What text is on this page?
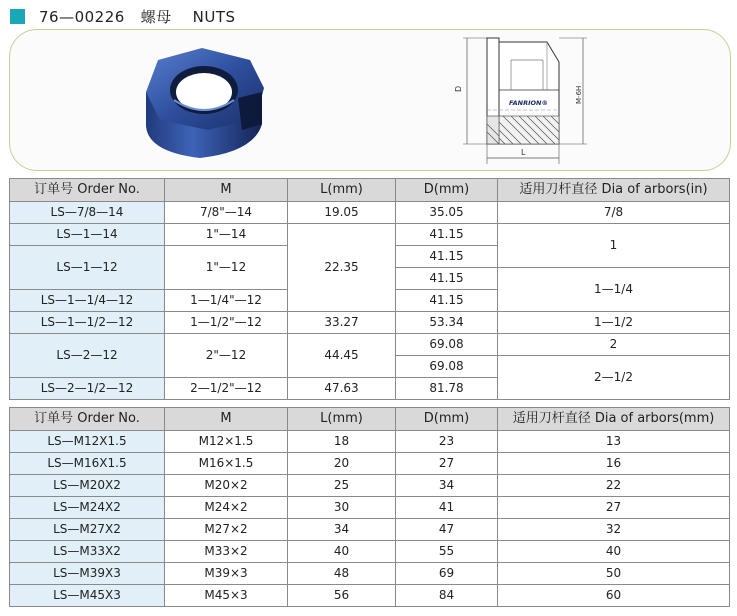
76—00226   螺母    NUTS
D
FANRION®	M-6H
L
订单号 Order No.	M	L(mm)	D(mm)	适用刀杆直径 Dia of arbors(in)
LS—7/8—14	7/8"—14	19.05	35.05	7/8
LS—1—14	1"—14	22.35	41.15	1
LS—1—12	1"—12		41.15	
			41.15	1—1/4
LS—1—1/4—12	1—1/4"—12		41.15	
LS—1—1/2—12	1—1/2"—12	33.27	53.34	1—1/2
LS—2—12	2"—12	44.45	69.08	2
			69.08	2—1/2
LS—2—1/2—12	2—1/2"—12	47.63	81.78	
订单号 Order No.	M	L(mm)	D(mm)	适用刀杆直径 Dia of arbors(mm)
LS—M12X1.5	M12×1.5	18	23	13
LS—M16X1.5	M16×1.5	20	27	16
LS—M20X2	M20×2	25	34	22
LS—M24X2	M24×2	30	41	27
LS—M27X2	M27×2	34	47	32
LS—M33X2	M33×2	40	55	40
LS—M39X3	M39×3	48	69	50
LS—M45X3	M45×3	56	84	60
